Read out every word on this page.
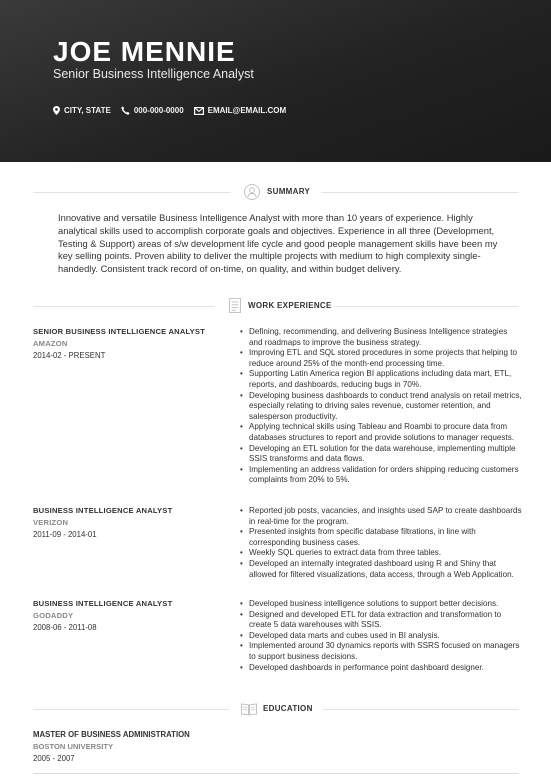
JOE MENNIE
Senior Business Intelligence Analyst
CITY, STATE	000-000-0000	EMAIL@EMAIL.COM
SUMMARY
Innovative and versatile Business Intelligence Analyst with more than 10 years of experience. Highly analytical skills used to accomplish corporate goals and objectives. Experience in all three (Development, Testing & Support) areas of s/w development life cycle and good people management skills have been my key selling points. Proven ability to deliver the multiple projects with medium to high complexity single-handedly. Consistent track record of on-time, on quality, and within budget delivery.
WORK EXPERIENCE
SENIOR BUSINESS INTELLIGENCE ANALYST
AMAZON
2014-02 - PRESENT
• Defining, recommending, and delivering Business Intelligence strategies and roadmaps to improve the business strategy.
• Improving ETL and SQL stored procedures in some projects that helping to reduce around 25% of the month-end processing time.
• Supporting Latin America region BI applications including data mart, ETL, reports, and dashboards, reducing bugs in 70%.
• Developing business dashboards to conduct trend analysis on retail metrics, especially relating to driving sales revenue, customer retention, and salesperson productivity.
• Applying technical skills using Tableau and Roambi to procure data from databases structures to report and provide solutions to manager requests.
• Developing an ETL solution for the data warehouse, implementing multiple SSIS transforms and data flows.
• Implementing an address validation for orders shipping reducing customers complaints from 20% to 5%.
BUSINESS INTELLIGENCE ANALYST
VERIZON
2011-09 - 2014-01
• Reported job posts, vacancies, and insights used SAP to create dashboards in real-time for the program.
• Presented insights from specific database filtrations, in line with corresponding business cases.
• Weekly SQL queries to extract data from three tables.
• Developed an internally integrated dashboard using R and Shiny that allowed for filtered visualizations, data access, through a Web Application.
BUSINESS INTELLIGENCE ANALYST
GODADDY
2008-06 - 2011-08
• Developed business intelligence solutions to support better decisions.
• Designed and developed ETL for data extraction and transformation to create 5 data warehouses with SSIS.
• Developed data marts and cubes used in BI analysis.
• Implemented around 30 dynamics reports with SSRS focused on managers to support business decisions.
• Developed dashboards in performance point dashboard designer.
EDUCATION
MASTER OF BUSINESS ADMINISTRATION
BOSTON UNIVERSITY
2005 - 2007
